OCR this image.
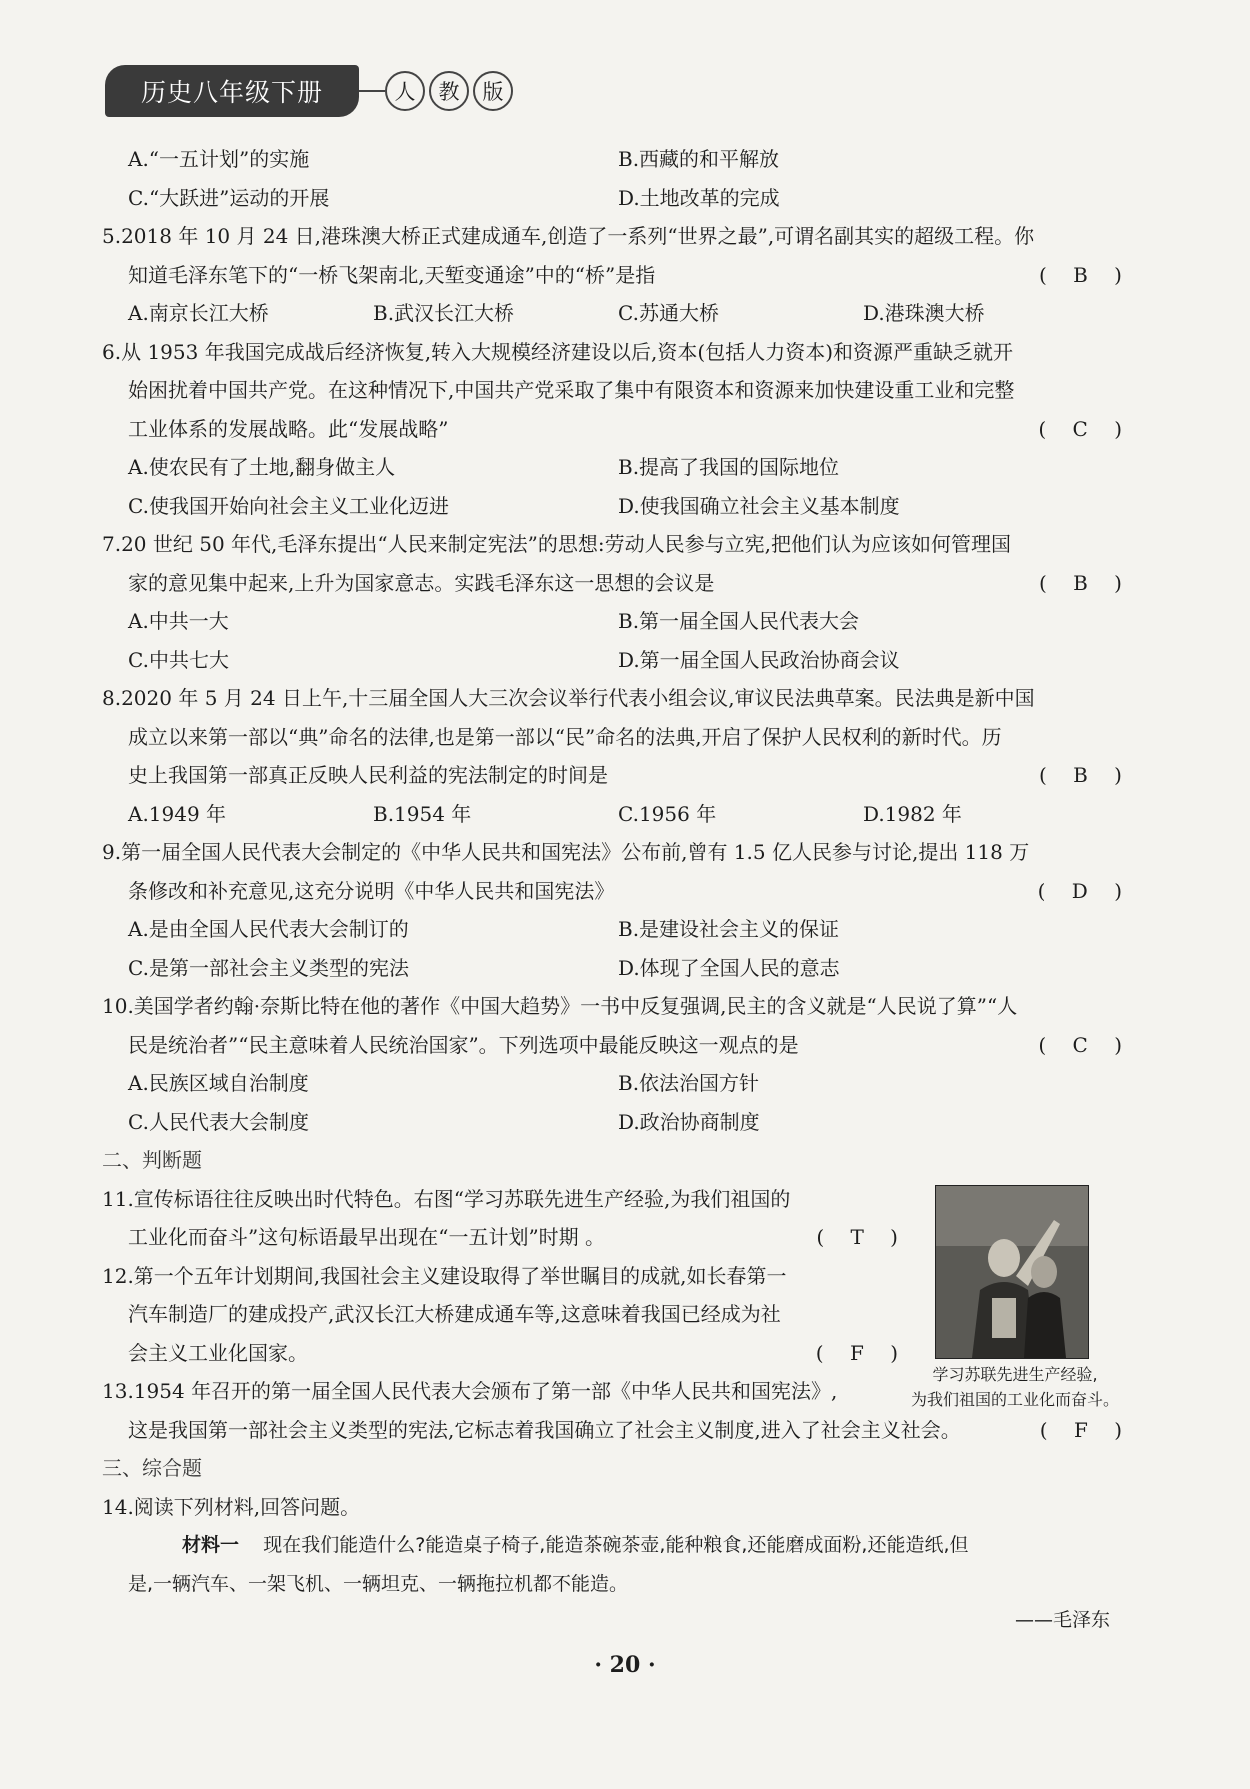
历史八年级下册	人	教	版
A.“一五计划”的实施	B.西藏的和平解放
C.“大跃进”运动的开展	D.土地改革的完成
5.2018 年 10 月 24 日,港珠澳大桥正式建成通车,创造了一系列“世界之最”,可谓名副其实的超级工程。你
知道毛泽东笔下的“一桥飞架南北,天堑变通途”中的“桥”是指	( B )
A.南京长江大桥	B.武汉长江大桥	C.苏通大桥	D.港珠澳大桥
6.从 1953 年我国完成战后经济恢复,转入大规模经济建设以后,资本(包括人力资本)和资源严重缺乏就开
始困扰着中国共产党。在这种情况下,中国共产党采取了集中有限资本和资源来加快建设重工业和完整
工业体系的发展战略。此“发展战略”	( C )
A.使农民有了土地,翻身做主人	B.提高了我国的国际地位
C.使我国开始向社会主义工业化迈进	D.使我国确立社会主义基本制度
7.20 世纪 50 年代,毛泽东提出“人民来制定宪法”的思想:劳动人民参与立宪,把他们认为应该如何管理国
家的意见集中起来,上升为国家意志。实践毛泽东这一思想的会议是	( B )
A.中共一大	B.第一届全国人民代表大会
C.中共七大	D.第一届全国人民政治协商会议
8.2020 年 5 月 24 日上午,十三届全国人大三次会议举行代表小组会议,审议民法典草案。民法典是新中国
成立以来第一部以“典”命名的法律,也是第一部以“民”命名的法典,开启了保护人民权利的新时代。历
史上我国第一部真正反映人民利益的宪法制定的时间是	( B )
A.1949 年	B.1954 年	C.1956 年	D.1982 年
9.第一届全国人民代表大会制定的《中华人民共和国宪法》公布前,曾有 1.5 亿人民参与讨论,提出 118 万
条修改和补充意见,这充分说明《中华人民共和国宪法》	( D )
A.是由全国人民代表大会制订的	B.是建设社会主义的保证
C.是第一部社会主义类型的宪法	D.体现了全国人民的意志
10.美国学者约翰·奈斯比特在他的著作《中国大趋势》一书中反复强调,民主的含义就是“人民说了算”“人
民是统治者”“民主意味着人民统治国家”。下列选项中最能反映这一观点的是	( C )
A.民族区域自治制度	B.依法治国方针
C.人民代表大会制度	D.政治协商制度
二、判断题
11.宣传标语往往反映出时代特色。右图“学习苏联先进生产经验,为我们祖国的
工业化而奋斗”这句标语最早出现在“一五计划”时期 。	( T )
12.第一个五年计划期间,我国社会主义建设取得了举世瞩目的成就,如长春第一
汽车制造厂的建成投产,武汉长江大桥建成通车等,这意味着我国已经成为社
会主义工业化国家。	( F )
13.1954 年召开的第一届全国人民代表大会颁布了第一部《中华人民共和国宪法》,
这是我国第一部社会主义类型的宪法,它标志着我国确立了社会主义制度,进入了社会主义社会。	( F )
三、综合题
14.阅读下列材料,回答问题。
材料一 现在我们能造什么?能造桌子椅子,能造茶碗茶壶,能种粮食,还能磨成面粉,还能造纸,但
是,一辆汽车、一架飞机、一辆坦克、一辆拖拉机都不能造。
学习苏联先进生产经验,
为我们祖国的工业化而奋斗。
——毛泽东
· 20 ·
